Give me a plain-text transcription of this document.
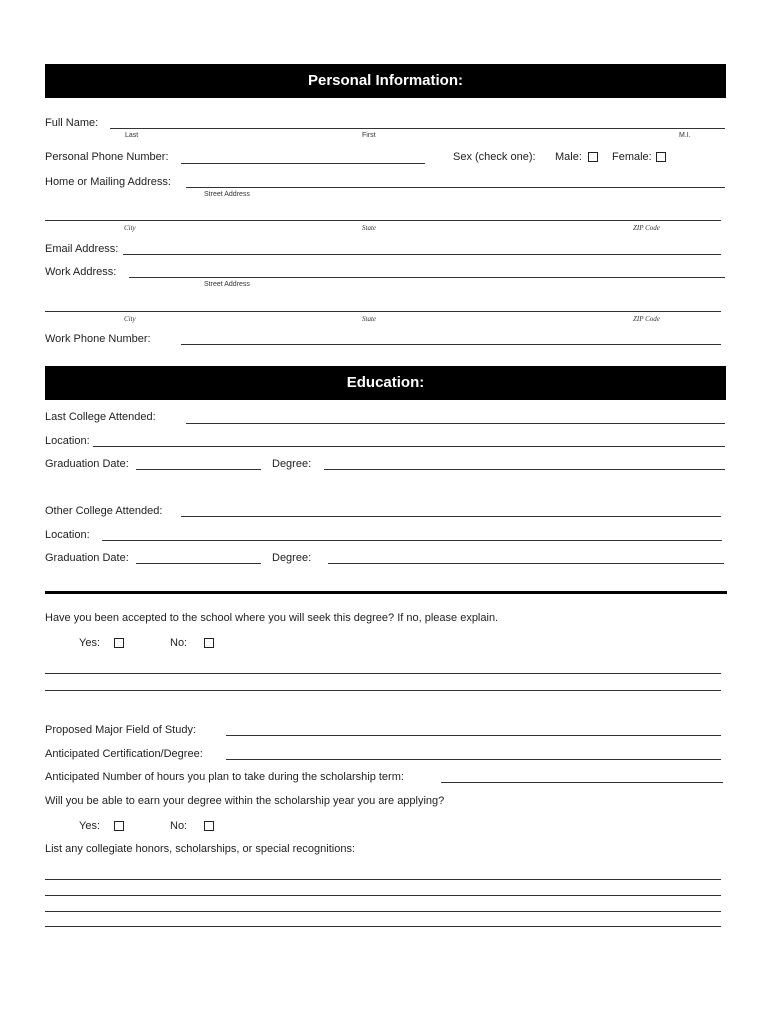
Personal Information:
Full Name:
Last	First	M.I.
Personal Phone Number:	Sex (check one): Male:	Female:
Home or Mailing Address:
Street Address
City	State	ZIP Code
Email Address:
Work Address:
Street Address
City	State	ZIP Code
Work Phone Number:
Education:
Last College Attended:
Location:
Graduation Date:	Degree:
Other College Attended:
Location:
Graduation Date:	Degree:
Have you been accepted to the school where you will seek this degree? If no, please explain.
Yes:	No:
Proposed Major Field of Study:
Anticipated Certification/Degree:
Anticipated Number of hours you plan to take during the scholarship term:
Will you be able to earn your degree within the scholarship year you are applying?
Yes:	No:
List any collegiate honors, scholarships, or special recognitions:
